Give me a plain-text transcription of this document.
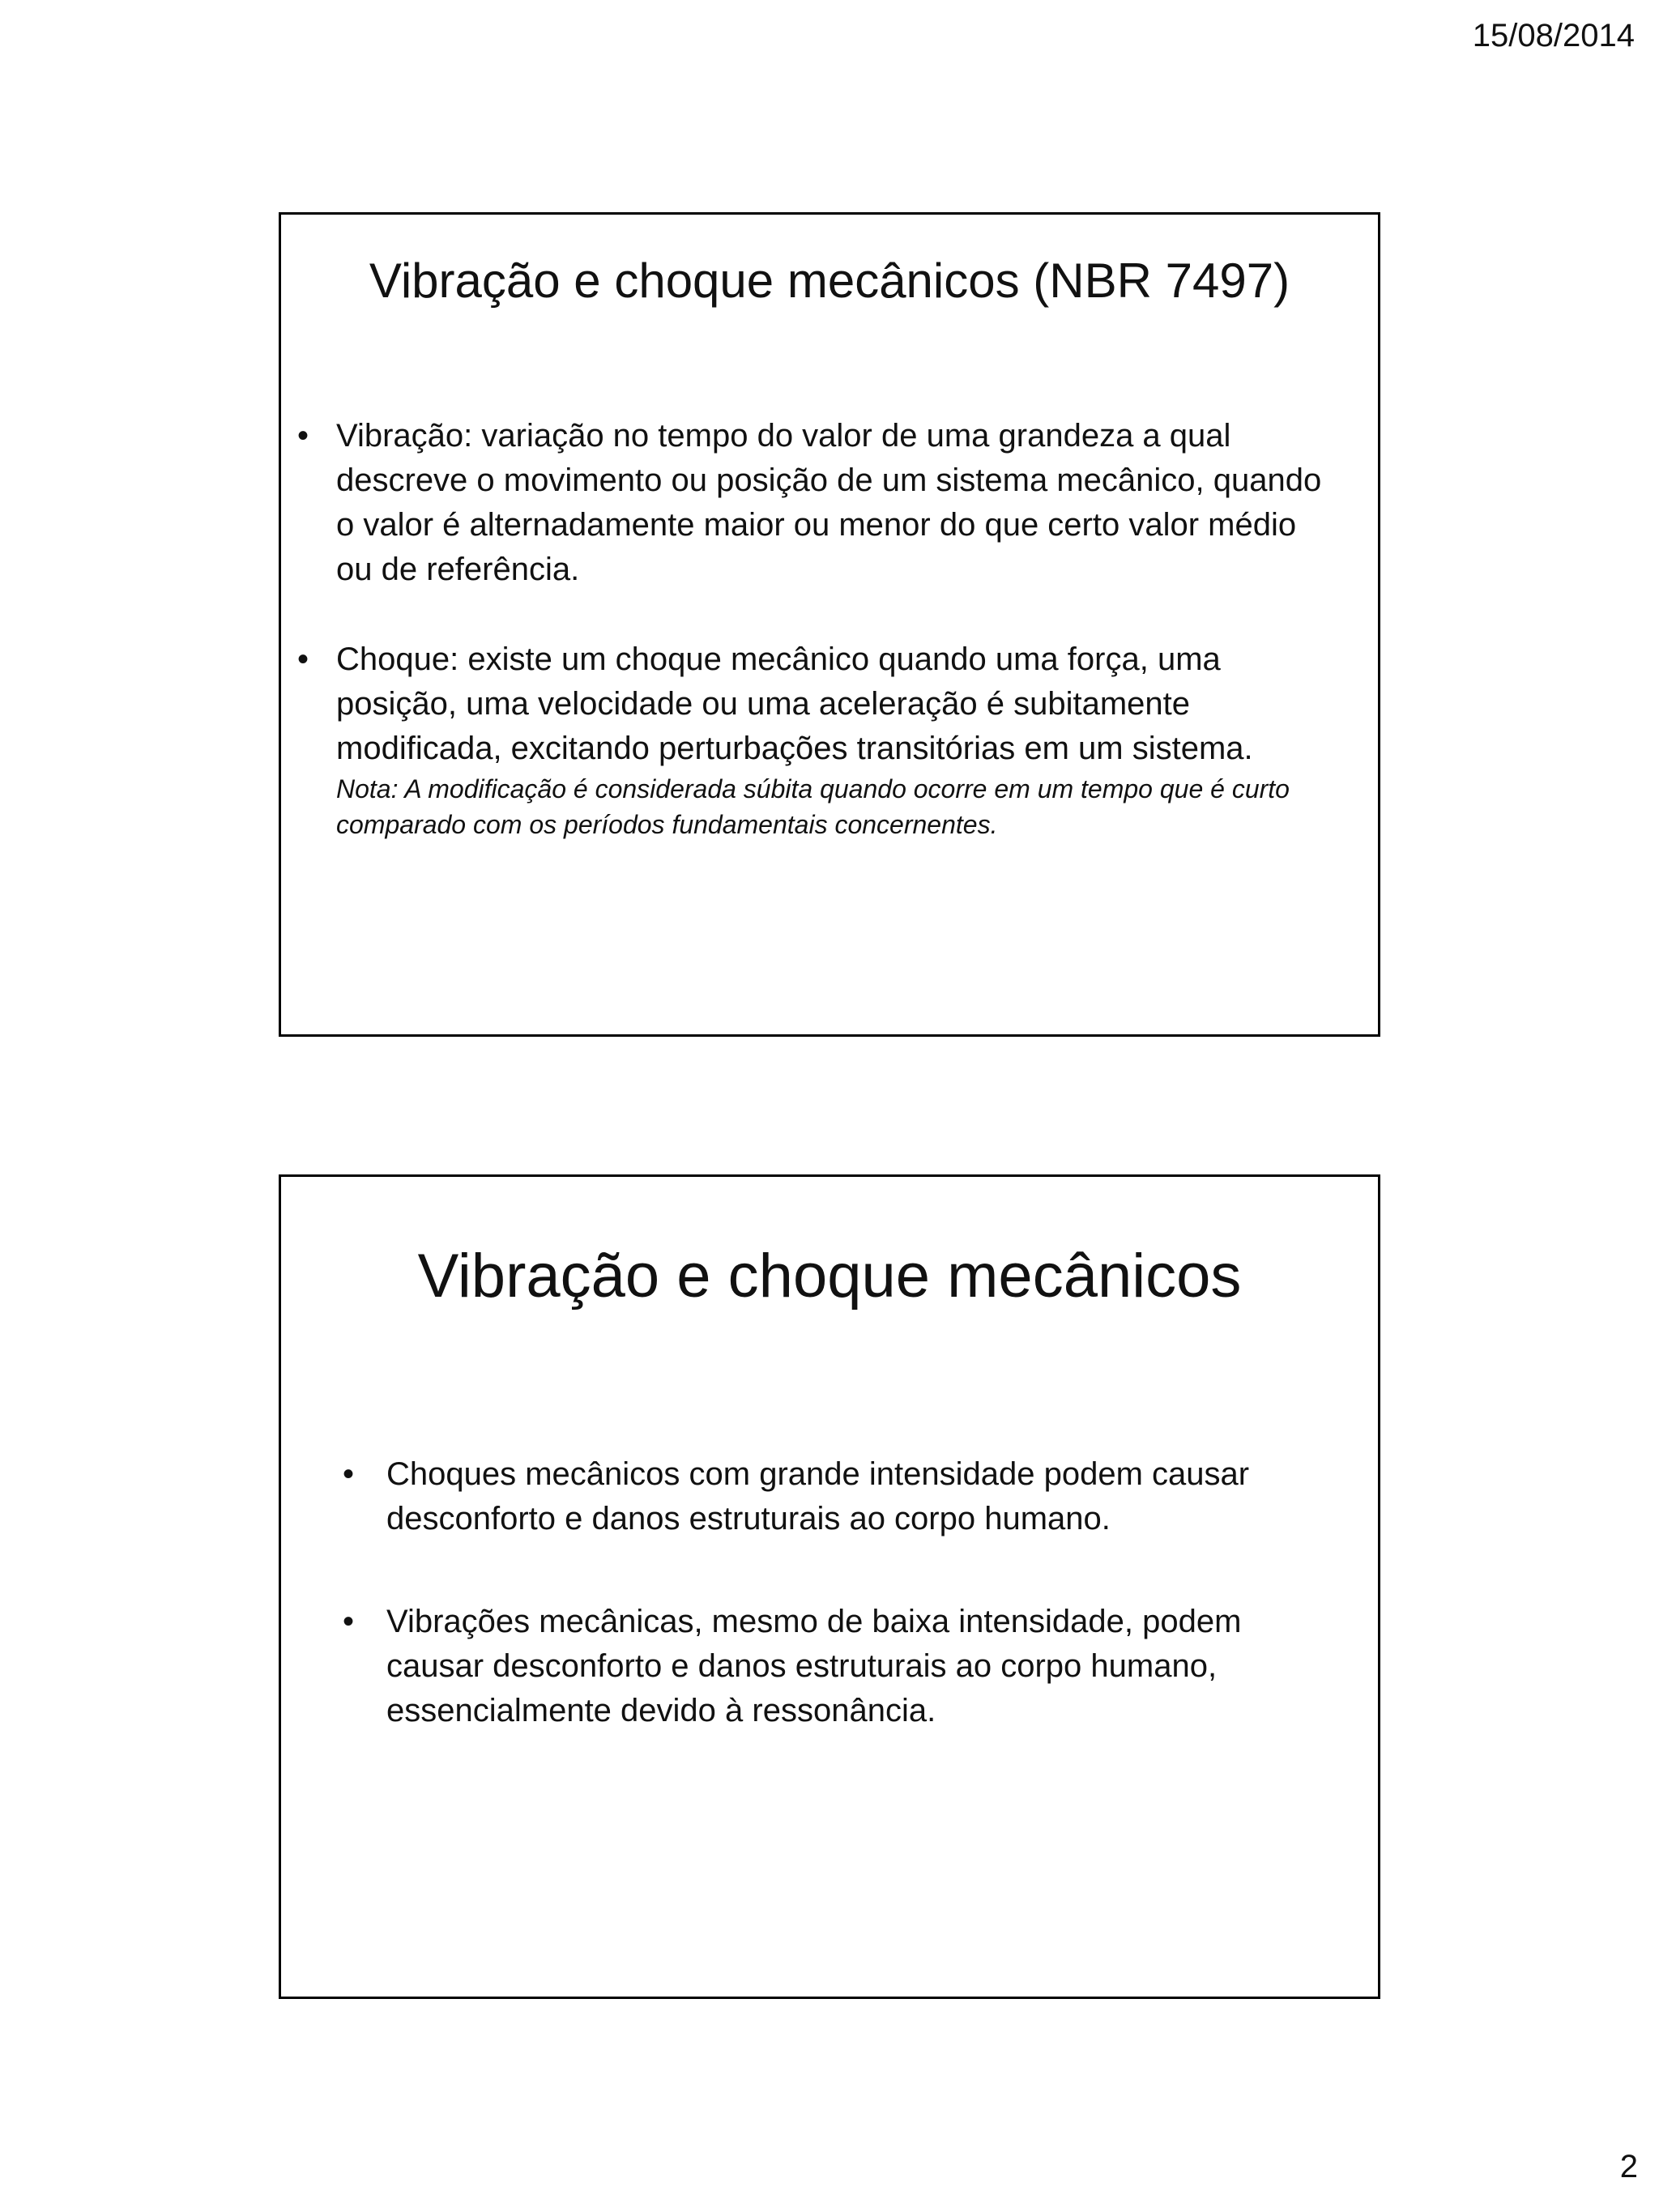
15/08/2014
Vibração e choque mecânicos (NBR 7497)
• Vibração: variação no tempo do valor de uma grandeza a qual descreve o movimento ou posição de um sistema mecânico, quando o valor é alternadamente maior ou menor do que certo valor médio ou de referência.
• Choque: existe um choque mecânico quando uma força, uma posição, uma velocidade ou uma aceleração é subitamente modificada, excitando perturbações transitórias em um sistema.
Nota: A modificação é considerada súbita quando ocorre em um tempo que é curto comparado com os períodos fundamentais concernentes.
Vibração e choque mecânicos
• Choques mecânicos com grande intensidade podem causar desconforto e danos estruturais ao corpo humano.
• Vibrações mecânicas, mesmo de baixa intensidade, podem causar desconforto e danos estruturais ao corpo humano, essencialmente devido à ressonância.
2
